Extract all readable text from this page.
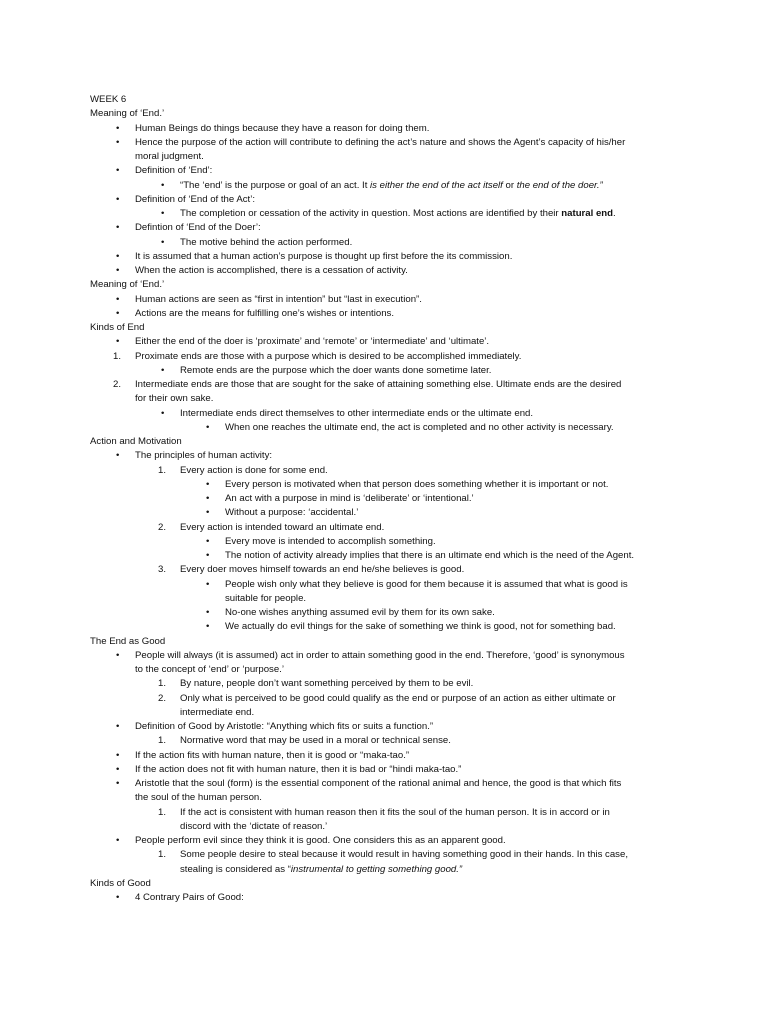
WEEK 6
Meaning of ‘End.’
• Human Beings do things because they have a reason for doing them.
• Hence the purpose of the action will contribute to defining the act’s nature and shows the Agent’s capacity of his/her
moral judgment.
• Definition of ‘End’:
• “The ‘end’ is the purpose or goal of an act. It is either the end of the act itself or the end of the doer.”
• Definition of ‘End of the Act’:
• The completion or cessation of the activity in question. Most actions are identified by their natural end.
• Defintion of ‘End of the Doer’:
• The motive behind the action performed.
• It is assumed that a human action’s purpose is thought up first before the its commission.
• When the action is accomplished, there is a cessation of activity.
Meaning of ‘End.’
• Human actions are seen as “first in intention” but “last in execution”.
• Actions are the means for fulfilling one’s wishes or intentions.
Kinds of End
• Either the end of the doer is ‘proximate’ and ‘remote’ or ‘intermediate’ and ‘ultimate’.
1. Proximate ends are those with a purpose which is desired to be accomplished immediately.
• Remote ends are the purpose which the doer wants done sometime later.
2. Intermediate ends are those that are sought for the sake of attaining something else. Ultimate ends are the desired
for their own sake.
• Intermediate ends direct themselves to other intermediate ends or the ultimate end.
• When one reaches the ultimate end, the act is completed and no other activity is necessary.
Action and Motivation
• The principles of human activity:
1. Every action is done for some end.
• Every person is motivated when that person does something whether it is important or not.
• An act with a purpose in mind is ‘deliberate’ or ‘intentional.’
• Without a purpose: ‘accidental.’
2. Every action is intended toward an ultimate end.
• Every move is intended to accomplish something.
• The notion of activity already implies that there is an ultimate end which is the need of the Agent.
3. Every doer moves himself towards an end he/she believes is good.
• People wish only what they believe is good for them because it is assumed that what is good is
suitable for people.
• No-one wishes anything assumed evil by them for its own sake.
• We actually do evil things for the sake of something we think is good, not for something bad.
The End as Good
• People will always (it is assumed) act in order to attain something good in the end. Therefore, ‘good’ is synonymous
to the concept of ‘end’ or ‘purpose.’
1. By nature, people don’t want something perceived by them to be evil.
2. Only what is perceived to be good could qualify as the end or purpose of an action as either ultimate or
intermediate end.
• Definition of Good by Aristotle: “Anything which fits or suits a function.”
1. Normative word that may be used in a moral or technical sense.
• If the action fits with human nature, then it is good or “maka-tao.”
• If the action does not fit with human nature, then it is bad or “hindi maka-tao.”
• Aristotle that the soul (form) is the essential component of the rational animal and hence, the good is that which fits
the soul of the human person.
1. If the act is consistent with human reason then it fits the soul of the human person. It is in accord or in
discord with the ‘dictate of reason.’
• People perform evil since they think it is good. One considers this as an apparent good.
1. Some people desire to steal because it would result in having something good in their hands. In this case,
stealing is considered as “instrumental to getting something good.”
Kinds of Good
• 4 Contrary Pairs of Good:
